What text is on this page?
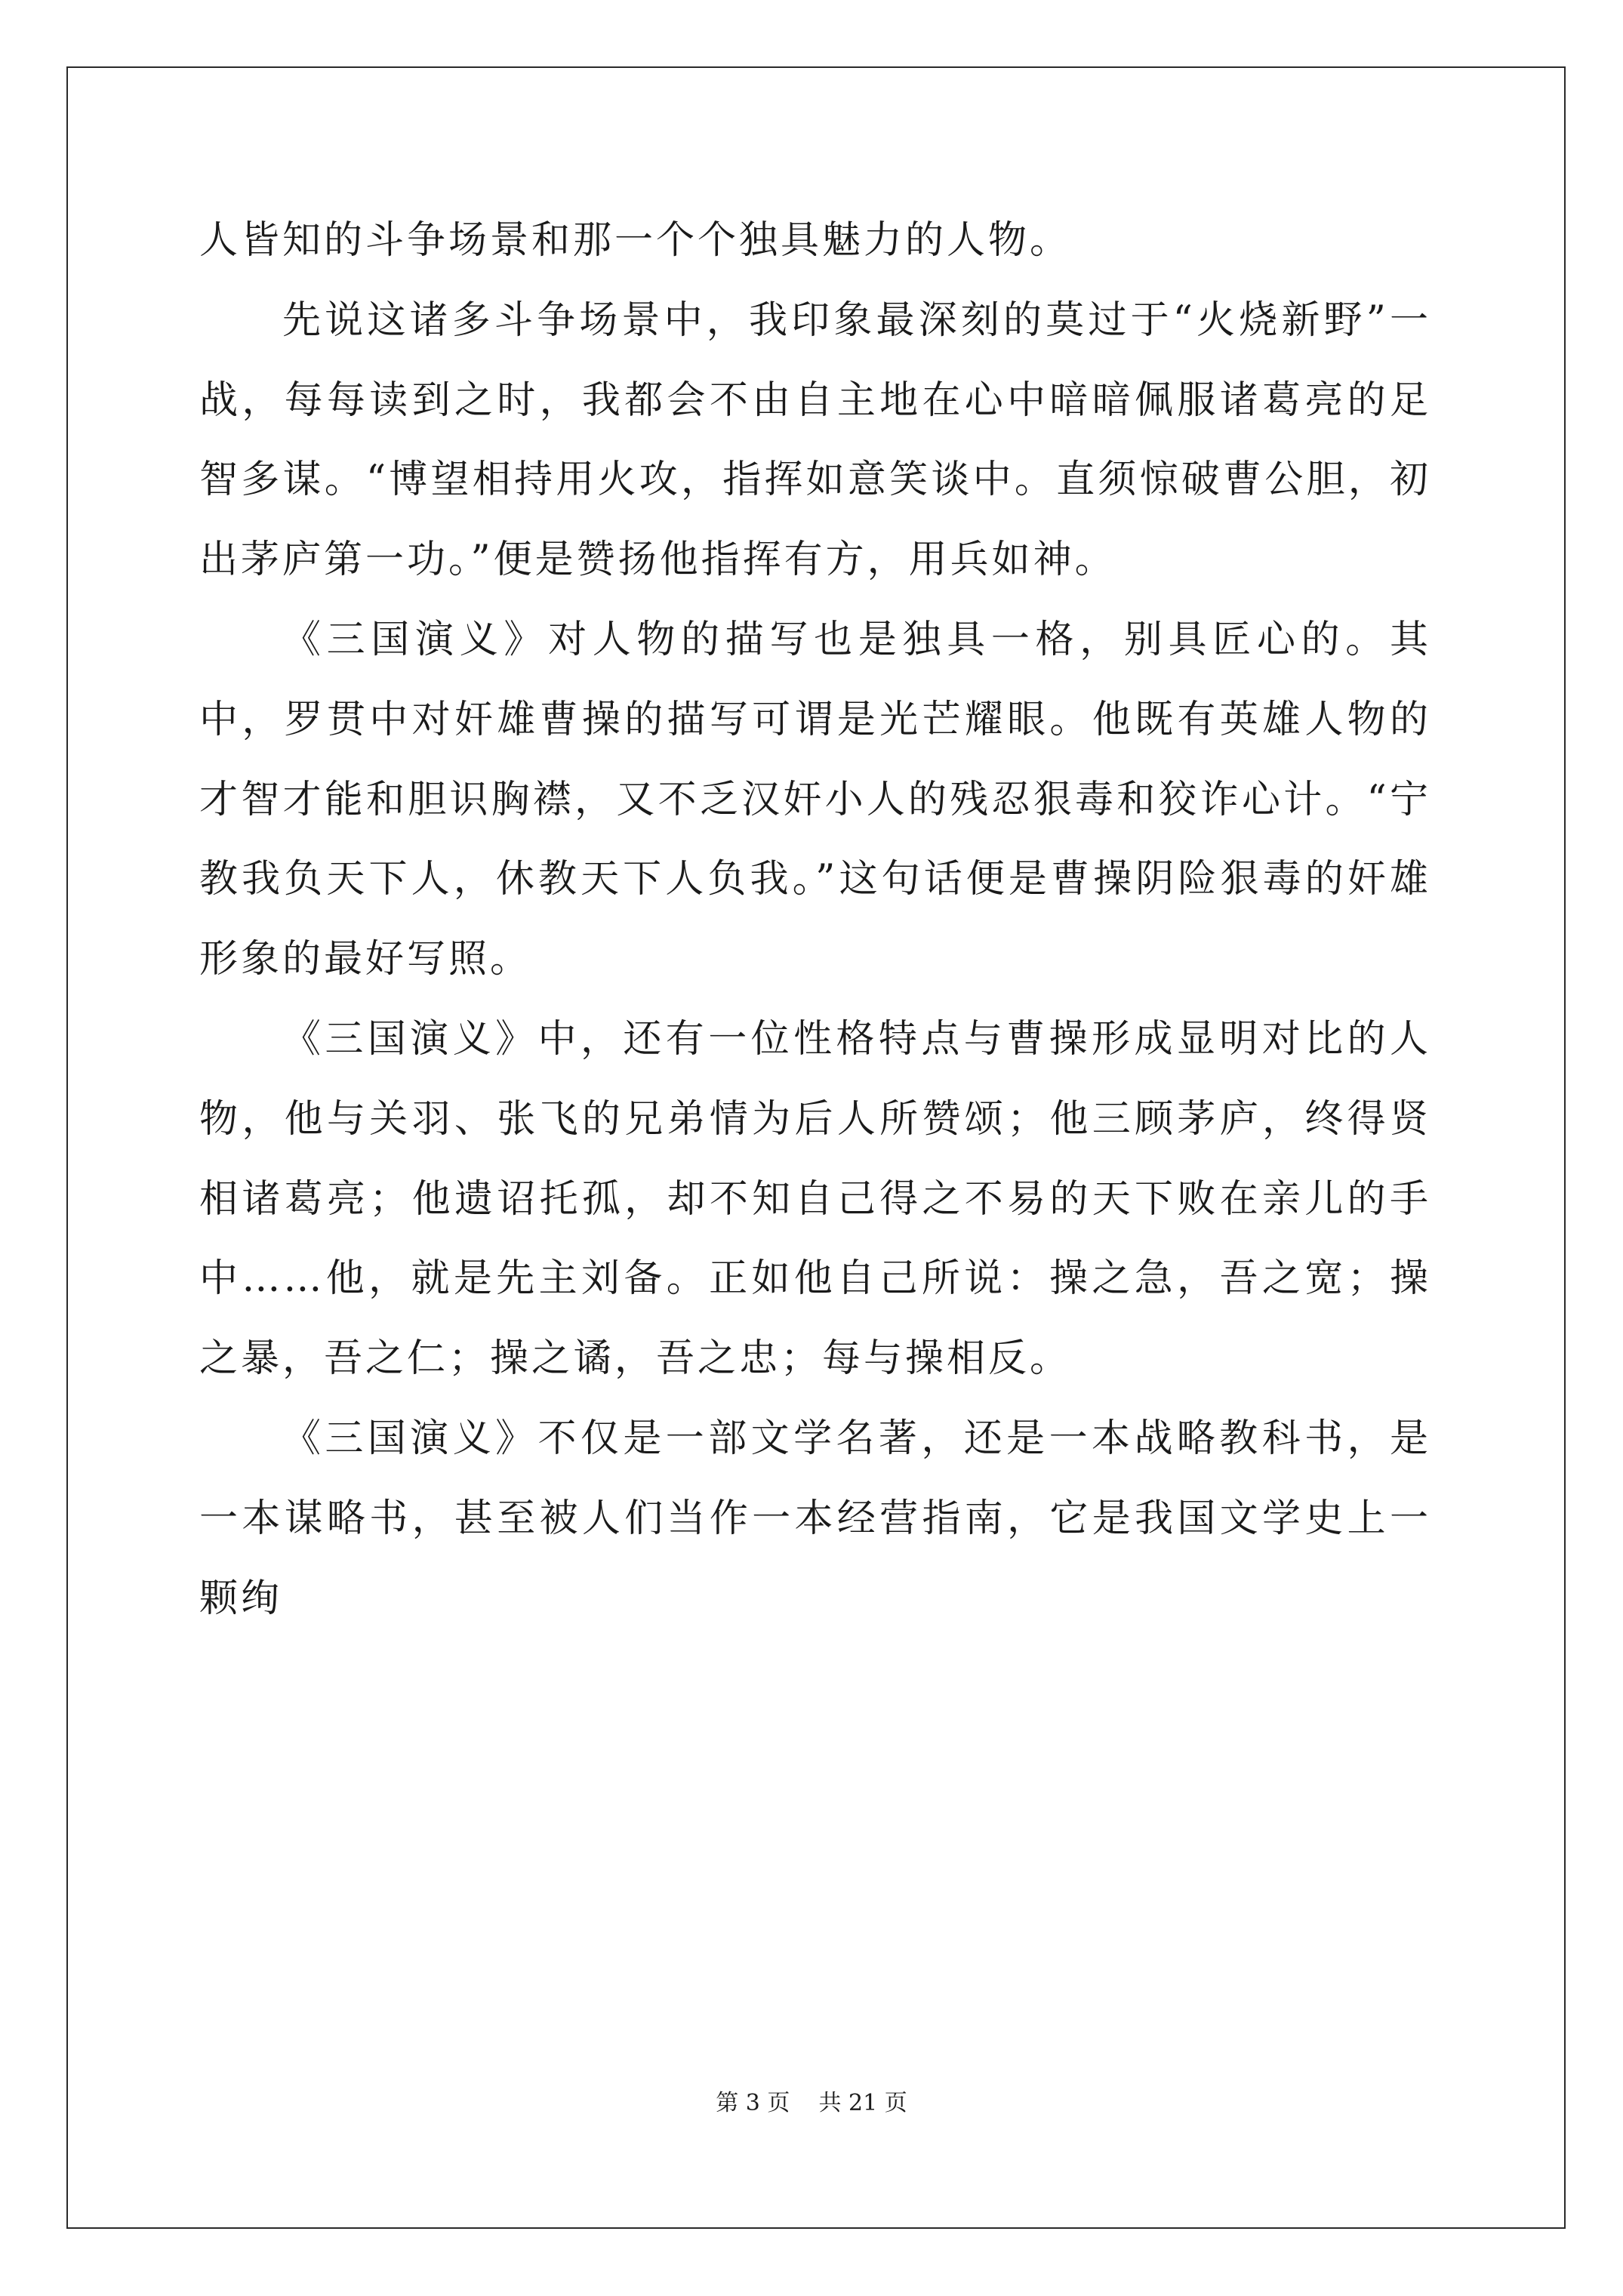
人皆知的斗争场景和那一个个独具魅力的人物。

先说这诸多斗争场景中，我印象最深刻的莫过于“火烧新野”一战，每每读到之时，我都会不由自主地在心中暗暗佩服诸葛亮的足智多谋。“博望相持用火攻，指挥如意笑谈中。直须惊破曹公胆，初出茅庐第一功。”便是赞扬他指挥有方，用兵如神。

《三国演义》对人物的描写也是独具一格，别具匠心的。其中，罗贯中对奸雄曹操的描写可谓是光芒耀眼。他既有英雄人物的才智才能和胆识胸襟，又不乏汉奸小人的残忍狠毒和狡诈心计。“宁教我负天下人，休教天下人负我。”这句话便是曹操阴险狠毒的奸雄形象的最好写照。

《三国演义》中，还有一位性格特点与曹操形成显明对比的人物，他与关羽、张飞的兄弟情为后人所赞颂；他三顾茅庐，终得贤相诸葛亮；他遗诏托孤，却不知自己得之不易的天下败在亲儿的手中……他，就是先主刘备。正如他自己所说：操之急，吾之宽；操之暴，吾之仁；操之谲，吾之忠；每与操相反。

《三国演义》不仅是一部文学名著，还是一本战略教科书，是一本谋略书，甚至被人们当作一本经营指南，它是我国文学史上一颗绚

第 3 页    共 21 页
